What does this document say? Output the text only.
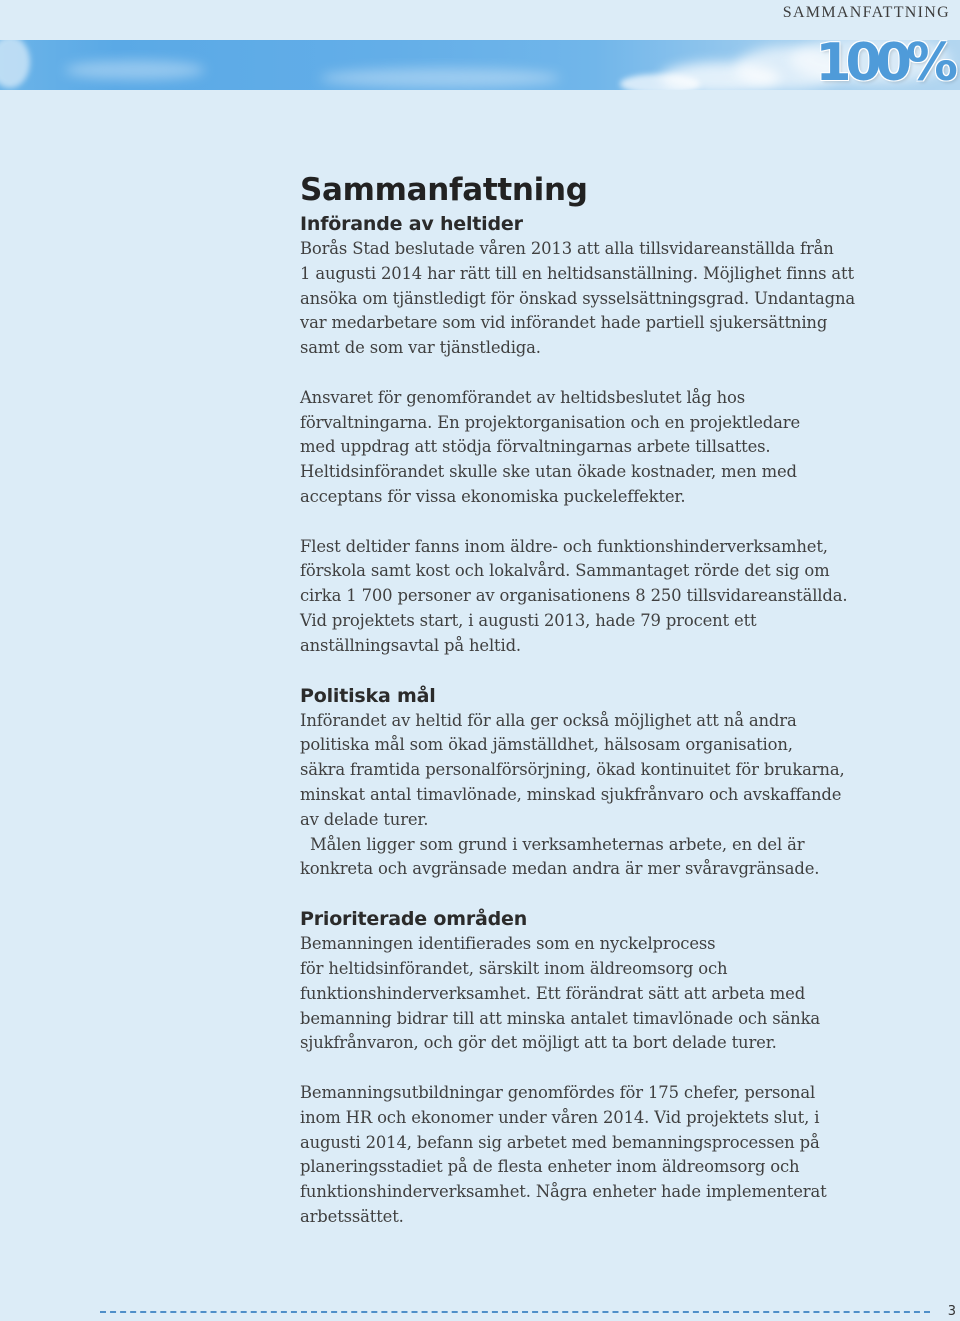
SAMMANFATTNING
100%
Sammanfattning
Införande av heltider

Borås Stad beslutade våren 2013 att alla tillsvidareanställda från
1 augusti 2014 har rätt till en heltidsanställning. Möjlighet finns att
ansöka om tjänstledigt för önskad sysselsättningsgrad. Undantagna
var medarbetare som vid införandet hade partiell sjukersättning
samt de som var tjänstlediga.

Ansvaret för genomförandet av heltidsbeslutet låg hos
förvaltningarna. En projektorganisation och en projektledare
med uppdrag att stödja förvaltningarnas arbete tillsattes.
Heltidsinförandet skulle ske utan ökade kostnader, men med
acceptans för vissa ekonomiska puckeleffekter.

Flest deltider fanns inom äldre- och funktionshinderverksamhet,
förskola samt kost och lokalvård. Sammantaget rörde det sig om
cirka 1 700 personer av organisationens 8 250 tillsvidareanställda.
Vid projektets start, i augusti 2013, hade 79 procent ett
anställningsavtal på heltid.

Politiska mål

Införandet av heltid för alla ger också möjlighet att nå andra
politiska mål som ökad jämställdhet, hälsosam organisation,
säkra framtida personalförsörjning, ökad kontinuitet för brukarna,
minskat antal timavlönade, minskad sjukfrånvaro och avskaffande
av delade turer.

Målen ligger som grund i verksamheternas arbete, en del är
konkreta och avgränsade medan andra är mer svåravgränsade.

Prioriterade områden

Bemanningen identifierades som en nyckelprocess
för heltidsinförandet, särskilt inom äldreomsorg och
funktionshinderverksamhet. Ett förändrat sätt att arbeta med
bemanning bidrar till att minska antalet timavlönade och sänka
sjukfrånvaron, och gör det möjligt att ta bort delade turer.

Bemanningsutbildningar genomfördes för 175 chefer, personal
inom HR och ekonomer under våren 2014. Vid projektets slut, i
augusti 2014, befann sig arbetet med bemanningsprocessen på
planeringsstadiet på de flesta enheter inom äldreomsorg och
funktionshinderverksamhet. Några enheter hade implementerat
arbetssättet.

3
